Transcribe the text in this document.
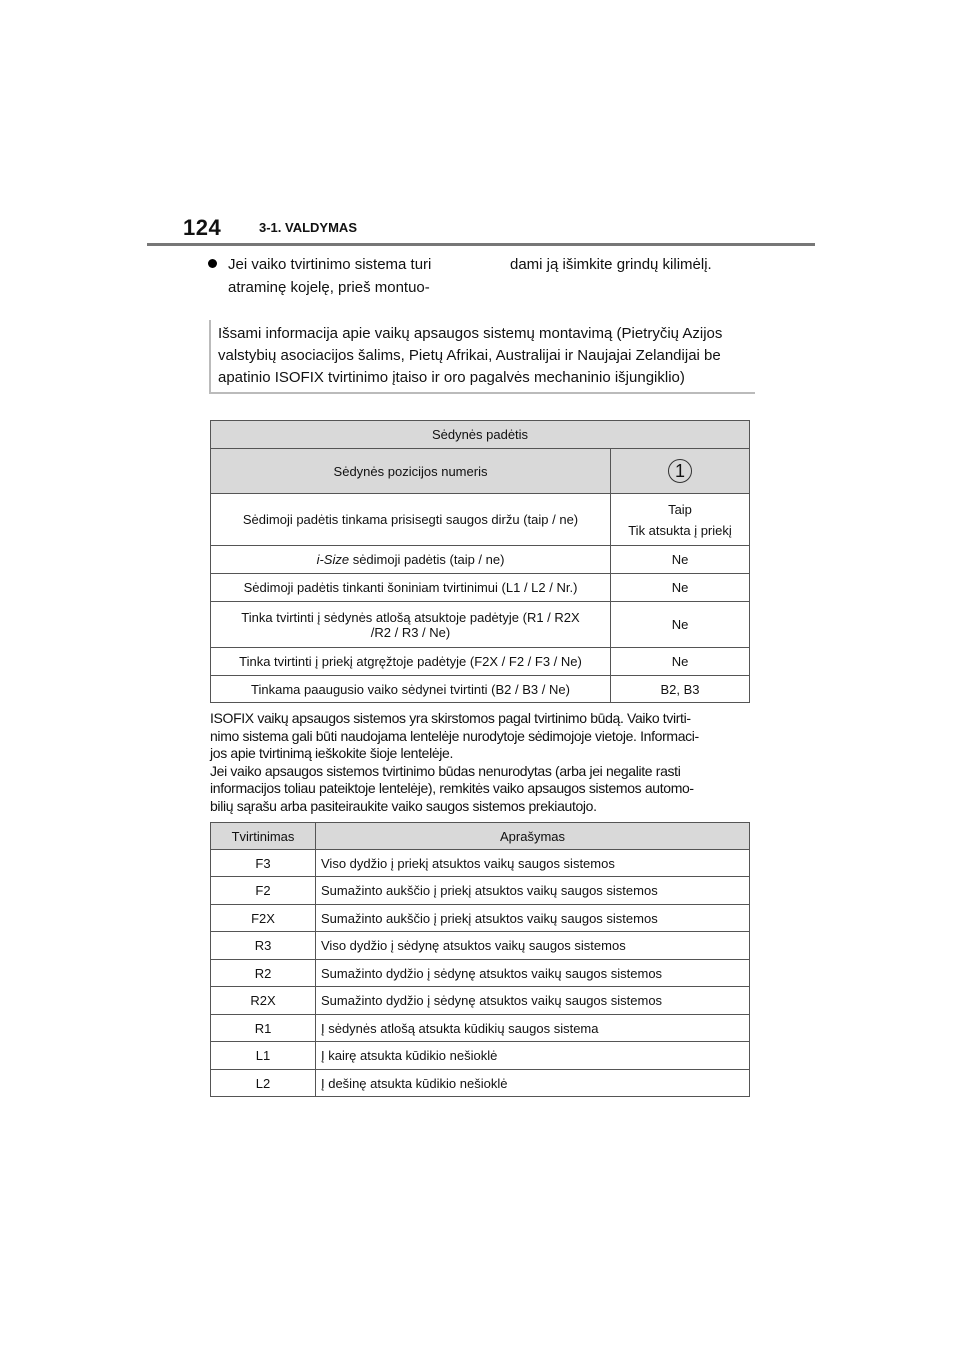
124	3-1. VALDYMAS
Jei vaiko tvirtinimo sistema turi atraminę kojelę, prieš montuo-
dami ją išimkite grindų kilimėlį.
Išsami informacija apie vaikų apsaugos sistemų montavimą (Pietryčių Azijos valstybių asociacijos šalims, Pietų Afrikai, Australijai ir Naujajai Zelandijai be apatinio ISOFIX tvirtinimo įtaiso ir oro pagalvės mechaninio išjungiklio)
Sėdynės padėtis	
Sėdynės pozicijos numeris	1
Sėdimoji padėtis tinkama prisisegti saugos diržu (taip / ne)	Taip
Tik atsukta į priekį

i-Size sėdimoji padėtis (taip / ne)	Ne
Sėdimoji padėtis tinkanti šoniniam tvirtinimui (L1 / L2 / Nr.)	Ne

Tinka tvirtinti į sėdynės atlošą atsuktoje padėtyje (R1 / R2X
/R2 / R3 / Ne)	Ne
Tinka tvirtinti į priekį atgręžtoje padėtyje (F2X / F2 / F3 / Ne)	Ne
Tinkama paaugusio vaiko sėdynei tvirtinti (B2 / B3 / Ne)	B2, B3
ISOFIX vaikų apsaugos sistemos yra skirstomos pagal tvirtinimo būdą. Vaiko tvirti-
nimo sistema gali būti naudojama lentelėje nurodytoje sėdimojoje vietoje. Informaci-
jos apie tvirtinimą ieškokite šioje lentelėje.
Jei vaiko apsaugos sistemos tvirtinimo būdas nenurodytas (arba jei negalite rasti
informacijos toliau pateiktoje lentelėje), remkitės vaiko apsaugos sistemos automo-
bilių sąrašu arba pasiteiraukite vaiko saugos sistemos prekiautojo.
Tvirtinimas	Aprašymas
F3	Viso dydžio į priekį atsuktos vaikų saugos sistemos
F2	Sumažinto aukščio į priekį atsuktos vaikų saugos sistemos
F2X	Sumažinto aukščio į priekį atsuktos vaikų saugos sistemos
R3	Viso dydžio į sėdynę atsuktos vaikų saugos sistemos
R2	Sumažinto dydžio į sėdynę atsuktos vaikų saugos sistemos
R2X	Sumažinto dydžio į sėdynę atsuktos vaikų saugos sistemos
R1	Į sėdynės atlošą atsukta kūdikių saugos sistema
L1	Į kairę atsukta kūdikio nešioklė
L2	Į dešinę atsukta kūdikio nešioklė
